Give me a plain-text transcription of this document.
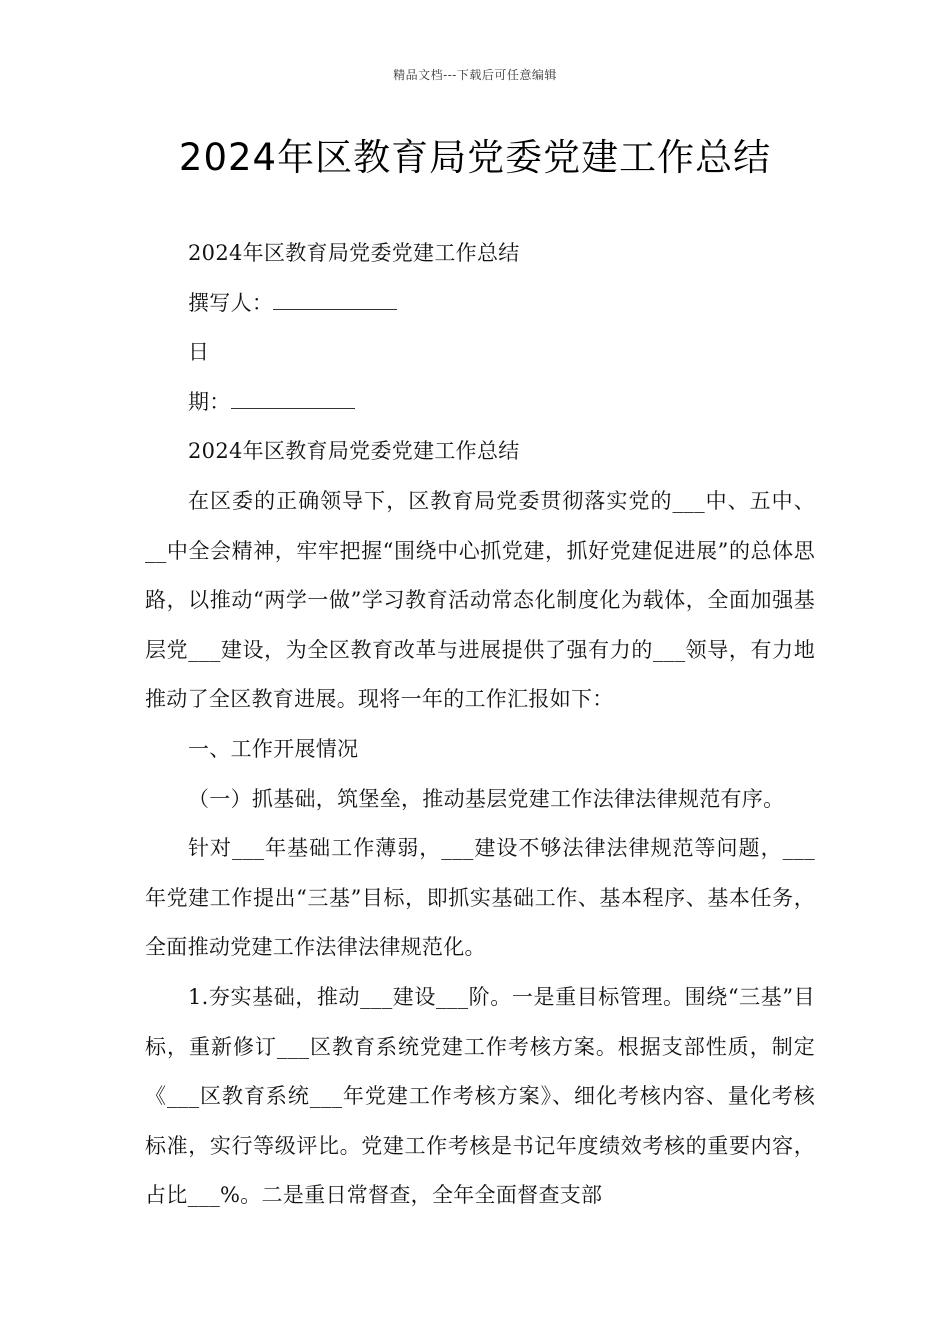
精品文档---下载后可任意编辑
2024年区教育局党委党建工作总结

2024年区教育局党委党建工作总结

撰写人：

日

期：

2024年区教育局党委党建工作总结

在区委的正确领导下，区教育局党委贯彻落实党的___中、五中、__中全会精神，牢牢把握“围绕中心抓党建，抓好党建促进展”的总体思路，以推动“两学一做”学习教育活动常态化制度化为载体，全面加强基层党___建设，为全区教育改革与进展提供了强有力的___领导，有力地推动了全区教育进展。现将一年的工作汇报如下：

一、工作开展情况

（一）抓基础，筑堡垒，推动基层党建工作法律法律规范有序。

针对___年基础工作薄弱，___建设不够法律法律规范等问题，___年党建工作提出“三基”目标，即抓实基础工作、基本程序、基本任务，全面推动党建工作法律法律规范化。

1.夯实基础，推动___建设___阶。一是重目标管理。围绕“三基”目标，重新修订___区教育系统党建工作考核方案。根据支部性质，制定《___区教育系统___年党建工作考核方案》、细化考核内容、量化考核标准，实行等级评比。党建工作考核是书记年度绩效考核的重要内容，占比___%。二是重日常督查，全年全面督查支部
